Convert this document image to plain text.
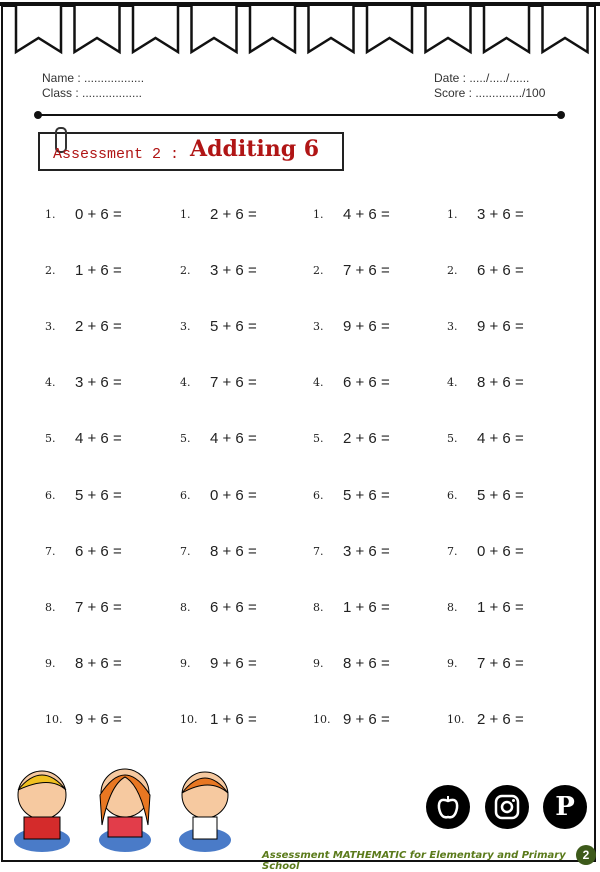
Name : ..................
Class : ..................
Date : ...../...../......
Score : ............../100
Assessment 2 : Additing 6
1. 0 + 6 =
2. 1 + 6 =
3. 2 + 6 =
4. 3 + 6 =
5. 4 + 6 =
6. 5 + 6 =
7. 6 + 6 =
8. 7 + 6 =
9. 8 + 6 =
10. 9 + 6 =
1. 2 + 6 =
2. 3 + 6 =
3. 5 + 6 =
4. 7 + 6 =
5. 4 + 6 =
6. 0 + 6 =
7. 8 + 6 =
8. 6 + 6 =
9. 9 + 6 =
10. 1 + 6 =
1. 4 + 6 =
2. 7 + 6 =
3. 9 + 6 =
4. 6 + 6 =
5. 2 + 6 =
6. 5 + 6 =
7. 3 + 6 =
8. 1 + 6 =
9. 8 + 6 =
10. 9 + 6 =
1. 3 + 6 =
2. 6 + 6 =
3. 9 + 6 =
4. 8 + 6 =
5. 4 + 6 =
6. 5 + 6 =
7. 0 + 6 =
8. 1 + 6 =
9. 7 + 6 =
10. 2 + 6 =
P
Assessment MATHEMATIC for Elementary and Primary School
2
